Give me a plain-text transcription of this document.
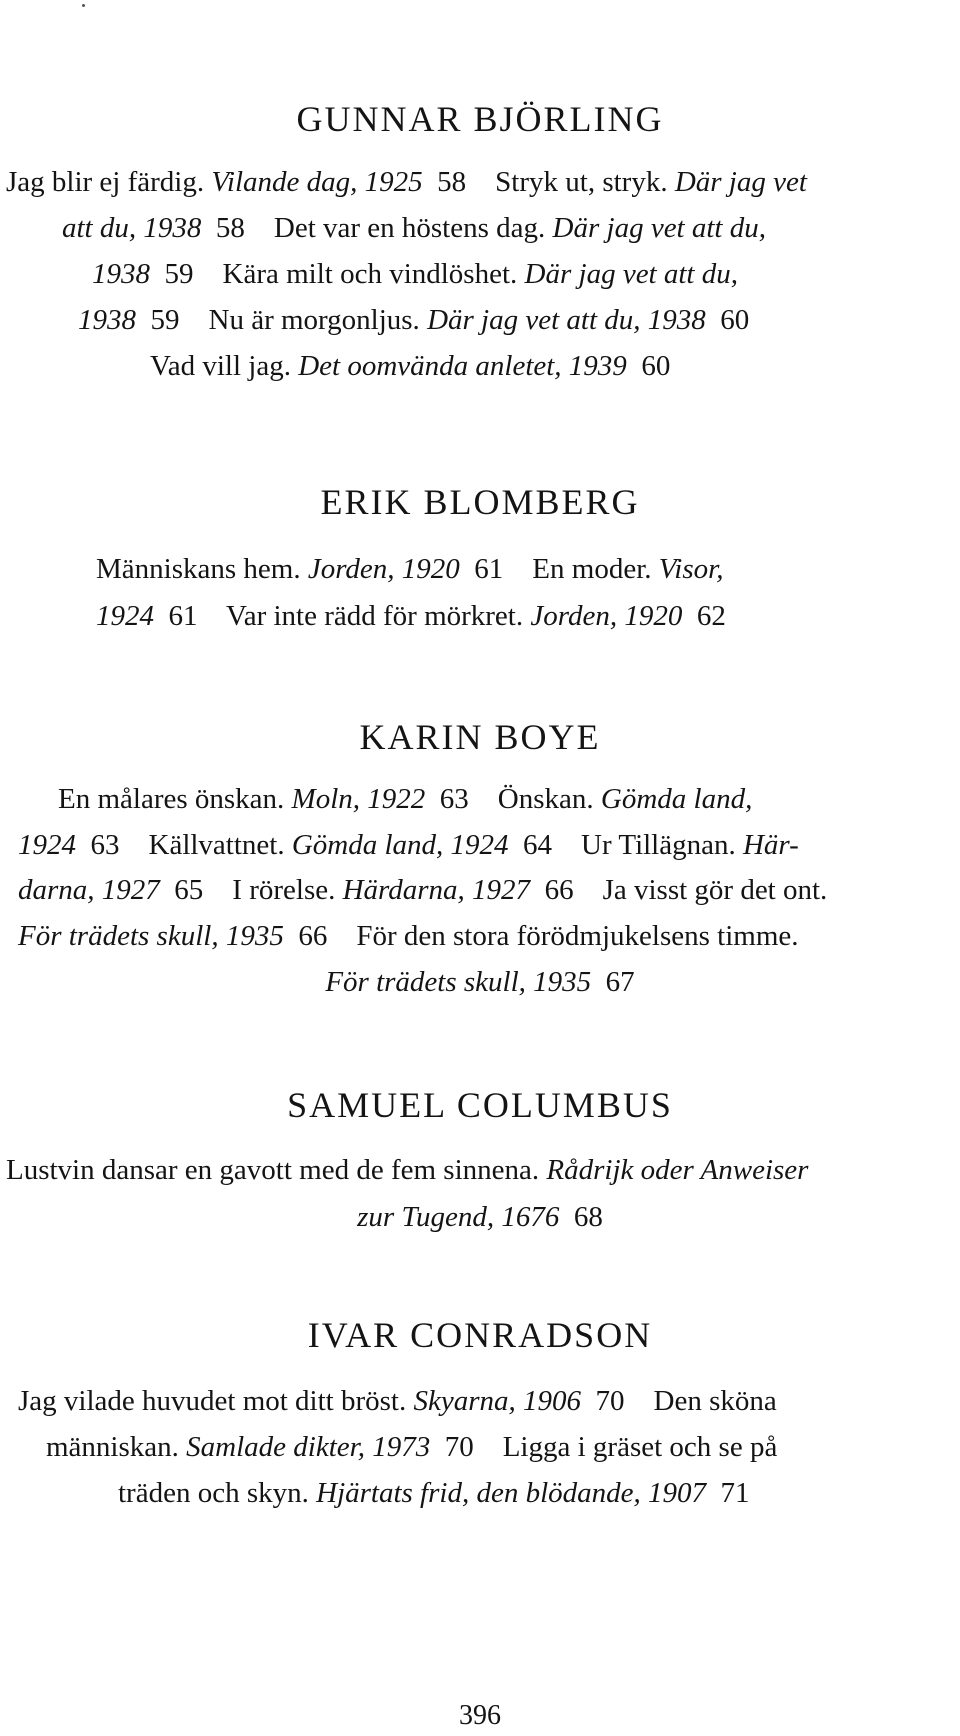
GUNNAR BJÖRLING
Jag blir ej färdig. Vilande dag, 1925  58    Stryk ut, stryk. Där jag vet
att du, 1938  58    Det var en höstens dag. Där jag vet att du,
1938  59    Kära milt och vindlöshet. Där jag vet att du,
1938  59    Nu är morgonljus. Där jag vet att du, 1938  60
Vad vill jag. Det oomvända anletet, 1939  60
ERIK BLOMBERG
Människans hem. Jorden, 1920  61    En moder. Visor,
1924  61    Var inte rädd för mörkret. Jorden, 1920  62
KARIN BOYE
En målares önskan. Moln, 1922  63    Önskan. Gömda land,
1924  63    Källvattnet. Gömda land, 1924  64    Ur Tillägnan. Här-
darna, 1927  65    I rörelse. Härdarna, 1927  66    Ja visst gör det ont.
För trädets skull, 1935  66    För den stora förödmjukelsens timme.
För trädets skull, 1935  67
SAMUEL COLUMBUS
Lustvin dansar en gavott med de fem sinnena. Rådrijk oder Anweiser
zur Tugend, 1676  68
IVAR CONRADSON
Jag vilade huvudet mot ditt bröst. Skyarna, 1906  70    Den sköna
människan. Samlade dikter, 1973  70    Ligga i gräset och se på
träden och skyn. Hjärtats frid, den blödande, 1907  71
396
